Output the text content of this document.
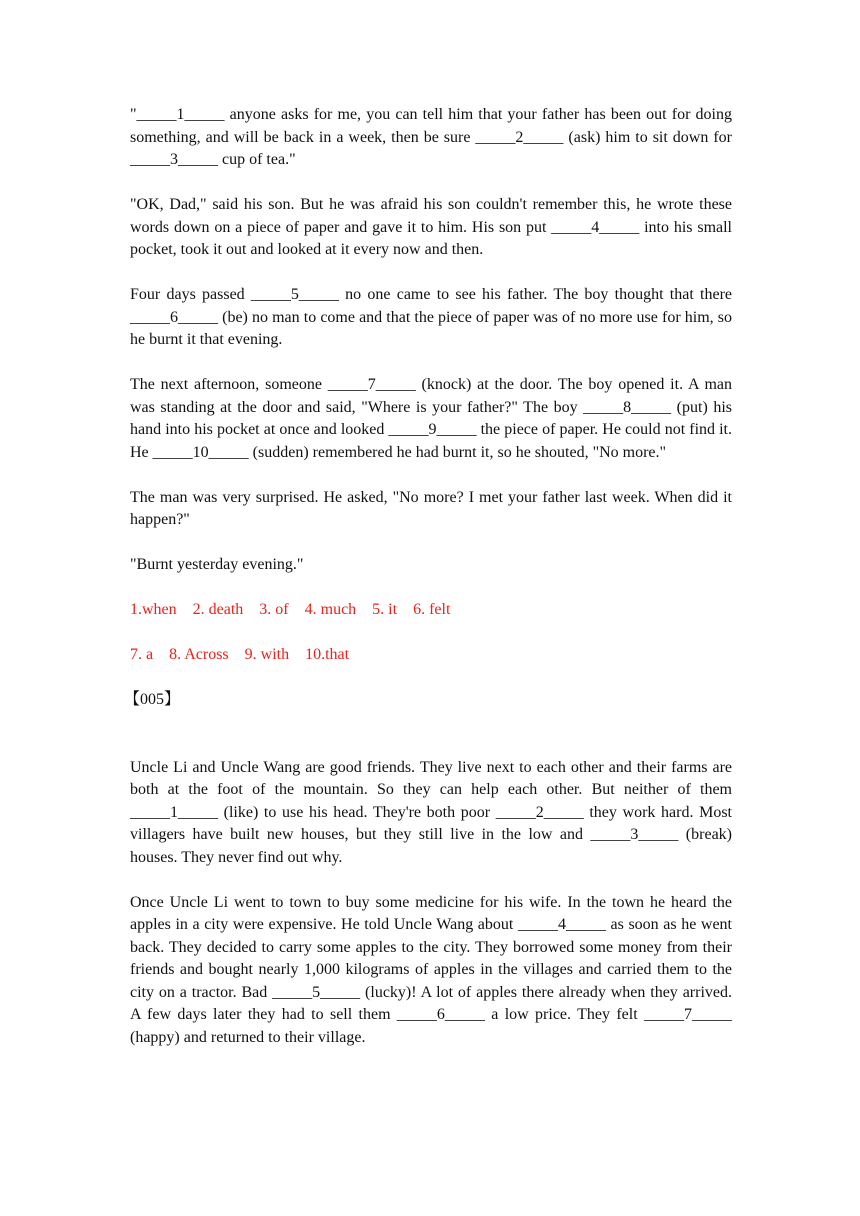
"_____1_____ anyone asks for me, you can tell him that your father has been out for doing something, and will be back in a week, then be sure _____2_____ (ask) him to sit down for _____3_____ cup of tea."

"OK, Dad," said his son. But he was afraid his son couldn't remember this, he wrote these words down on a piece of paper and gave it to him. His son put _____4_____ into his small pocket, took it out and looked at it every now and then.

Four days passed _____5_____ no one came to see his father. The boy thought that there _____6_____ (be) no man to come and that the piece of paper was of no more use for him, so he burnt it that evening.

The next afternoon, someone _____7_____ (knock) at the door. The boy opened it. A man was standing at the door and said, "Where is your father?" The boy _____8_____ (put) his hand into his pocket at once and looked _____9_____ the piece of paper. He could not find it. He _____10_____ (sudden) remembered he had burnt it, so he shouted, "No more."

The man was very surprised. He asked, "No more? I met your father last week. When did it happen?"

"Burnt yesterday evening."

1.when    2. death    3. of    4. much    5. it    6. felt
7. a    8. Across    9. with    10.that
【005】

Uncle Li and Uncle Wang are good friends. They live next to each other and their farms are both at the foot of the mountain. So they can help each other. But neither of them _____1_____ (like) to use his head. They're both poor _____2_____ they work hard. Most villagers have built new houses, but they still live in the low and _____3_____ (break) houses. They never find out why.

Once Uncle Li went to town to buy some medicine for his wife. In the town he heard the apples in a city were expensive. He told Uncle Wang about _____4_____ as soon as he went back. They decided to carry some apples to the city. They borrowed some money from their friends and bought nearly 1,000 kilograms of apples in the villages and carried them to the city on a tractor. Bad _____5_____ (lucky)! A lot of apples there already when they arrived. A few days later they had to sell them _____6_____ a low price. They felt _____7_____ (happy) and returned to their village.
